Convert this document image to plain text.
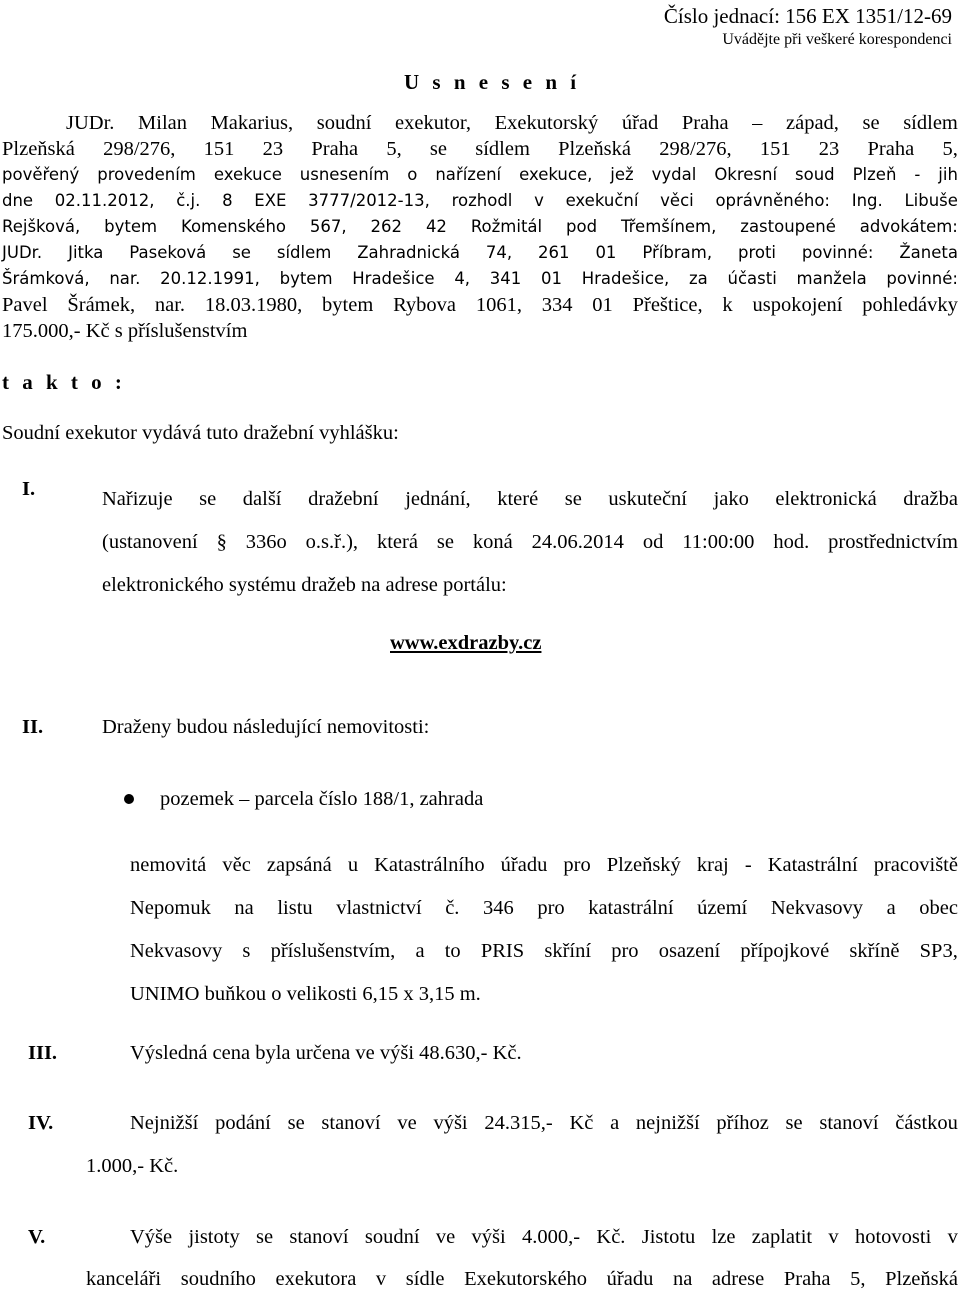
Číslo jednací: 156 EX 1351/12-69
Uvádějte při veškeré korespondenci
U s n e s e n í
JUDr. Milan Makarius, soudní exekutor, Exekutorský úřad Praha – západ, se sídlem
Plzeňská 298/276, 151 23 Praha 5, se sídlem Plzeňská 298/276, 151 23 Praha 5,
pověřený provedením exekuce usnesením o nařízení exekuce, jež vydal Okresní soud Plzeň - jih
dne 02.11.2012, č.j. 8 EXE 3777/2012-13, rozhodl v exekuční věci oprávněného: Ing. Libuše
Rejšková, bytem Komenského 567, 262 42 Rožmitál pod Třemšínem, zastoupené advokátem:
JUDr. Jitka Paseková se sídlem Zahradnická 74, 261 01 Příbram, proti povinné: Žaneta
Šrámková, nar. 20.12.1991, bytem Hradešice 4, 341 01 Hradešice, za účasti manžela povinné:
Pavel Šrámek, nar. 18.03.1980, bytem Rybova 1061, 334 01 Přeštice, k uspokojení pohledávky
175.000,- Kč s příslušenstvím
t a k t o :
Soudní exekutor vydává tuto dražební vyhlášku:
I.	Nařizuje se další dražební jednání, které se uskuteční jako elektronická dražba
(ustanovení § 336o o.s.ř.), která se koná 24.06.2014 od 11:00:00 hod. prostřednictvím
elektronického systému dražeb na adrese portálu:
www.exdrazby.cz
II.	Draženy budou následující nemovitosti:
pozemek – parcela číslo 188/1, zahrada
nemovitá věc zapsáná u Katastrálního úřadu pro Plzeňský kraj - Katastrální pracoviště
Nepomuk na listu vlastnictví č. 346 pro katastrální území Nekvasovy a obec
Nekvasovy s příslušenstvím, a to PRIS skříní pro osazení přípojkové skříně SP3,
UNIMO buňkou o velikosti 6,15 x 3,15 m.
III.	Výsledná cena byla určena ve výši 48.630,- Kč.
IV.	Nejnižší podání se stanoví ve výši 24.315,- Kč a nejnižší příhoz se stanoví částkou
1.000,- Kč.
V.	Výše jistoty se stanoví soudní ve výši 4.000,- Kč. Jistotu lze zaplatit v hotovosti v
kanceláři soudního exekutora v sídle Exekutorského úřadu na adrese Praha 5, Plzeňská
